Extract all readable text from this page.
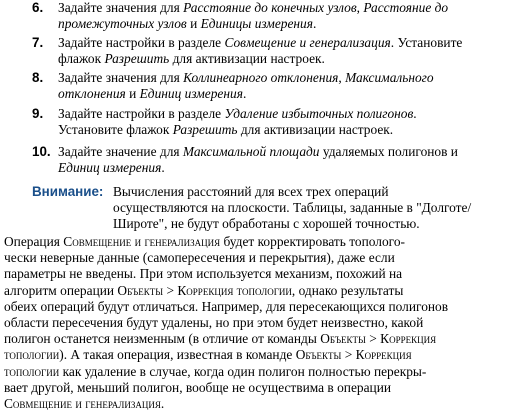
6. Задайте значения для Расстояние до конечных узлов, Расстояние до
промежуточных узлов и Единицы измерения.
7. Задайте настройки в разделе Совмещение и генерализация. Установите
флажок Разрешить для активизации настроек.
8. Задайте значения для Коллинеарного отклонения, Максимального
отклонения и Единиц измерения.
9. Задайте настройки в разделе Удаление избыточных полигонов.
Установите флажок Разрешить для активизации настроек.
10. Задайте значение для Максимальной площади удаляемых полигонов и
Единиц измерения.
Внимание: Вычисления расстояний для всех трех операций
осуществляются на плоскости. Таблицы, заданные в "Долготе/
Широте", не будут обработаны с хорошей точностью.
Операция Совмещение и генерализация будет корректировать тополого-
чески неверные данные (самопересечения и перекрытия), даже если
параметры не введены. При этом используется механизм, похожий на
алгоритм операции Объекты > Коррекция топологии, однако результаты
обеих операций будут отличаться. Например, для пересекающихся полигонов
области пересечения будут удалены, но при этом будет неизвестно, какой
полигон останется неизменным (в отличие от команды Объекты > Коррекция
топологии). А такая операция, известная в команде Объекты > Коррекция
топологии как удаление в случае, когда один полигон полностью перекры-
вает другой, меньший полигон, вообще не осуществима в операции
Совмещение и генерализация.
